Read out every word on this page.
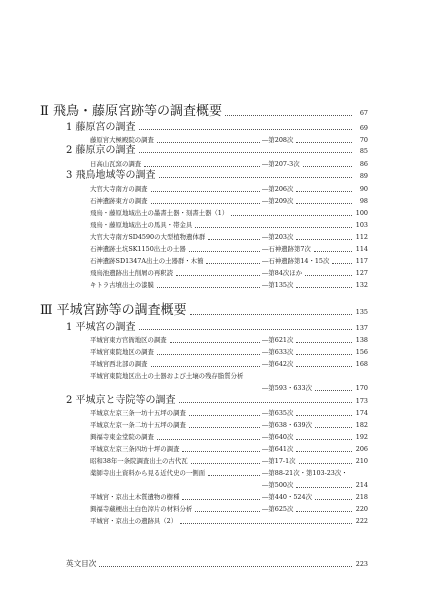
Ⅱ 飛鳥・藤原宮跡等の調査概要	67
1 藤原宮の調査	69
藤原宮大極殿院の調査	―第208次	70
2 藤原京の調査	85
日高山瓦窯の調査	―第207-3次	86
3 飛鳥地域等の調査	89
大官大寺南方の調査	―第206次	90
石神遺跡東方の調査	―第209次	98
飛鳥・藤原地域出土の墨書土器・刻書土器（1）	100
飛鳥・藤原地域出土の馬具・帯金具	103
大官大寺南方SD4590の大型植物遺体群	―第203次	112
石神遺跡土坑SK1150出土の土器	―石神遺跡第7次	114
石神遺跡SD1347A出土の土器群・木簡	―石神遺跡第14・15次	117
飛鳥池遺跡出土削屑の再釈読	―第84次ほか	127
キトラ古墳出土の漆膜	―第135次	132
Ⅲ 平城宮跡等の調査概要	135
1 平城宮の調査	137
平城宮東方官衙地区の調査	―第621次	138
平城宮東院地区の調査	―第633次	156
平城宮西北部の調査	―第642次	168
平城宮東院地区出土の土器および土壌の残存脂質分析
―第593・633次	170
2 平城京と寺院等の調査	173
平城京左京三条一坊十五坪の調査	―第635次	174
平城京左京一条二坊十五坪の調査	―第638・639次	182
興福寺東金堂院の調査	―第640次	192
平城京左京三条四坊十坪の調査	―第641次	206
昭和38年一条院調査出土の古代瓦	―第17-1次	210
薬師寺出土資料から見る近代史の一側面	―第88-21次・第103-23次・
―第500次	214
平城宮・京出土木質遺物の樹種	―第440・524次	218
興福寺蔵梗出土白色滓片の材料分析	―第625次	220
平城宮・京出土の遺跡具（2）	222
英文目次	223
